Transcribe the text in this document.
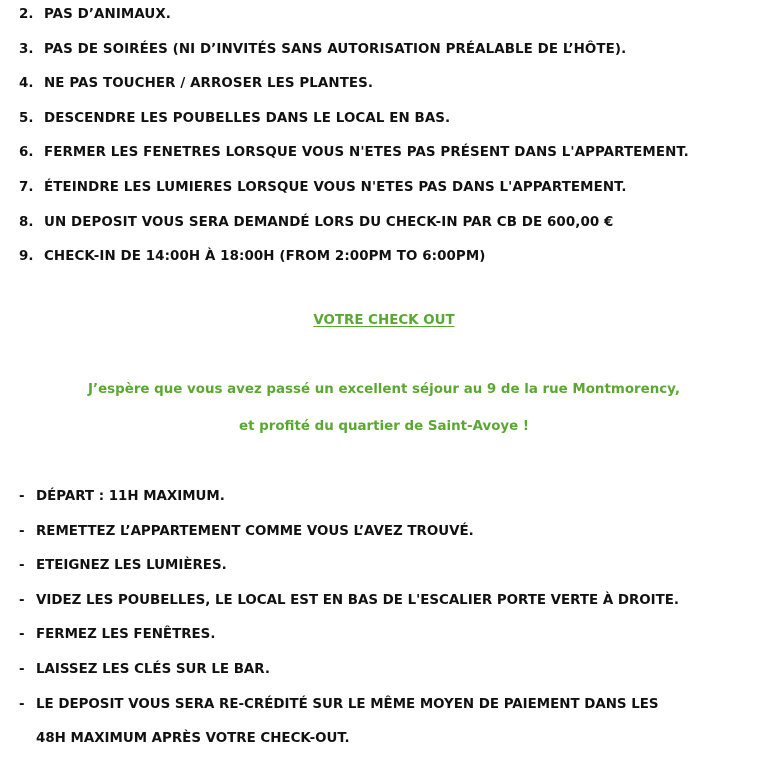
2. PAS D’ANIMAUX.
3. PAS DE SOIRÉES (NI D’INVITÉS SANS AUTORISATION PRÉALABLE DE L’HÔTE).
4. NE PAS TOUCHER / ARROSER LES PLANTES.
5. DESCENDRE LES POUBELLES DANS LE LOCAL EN BAS.
6. FERMER LES FENETRES LORSQUE VOUS N'ETES PAS PRÉSENT DANS L'APPARTEMENT.
7. ÉTEINDRE LES LUMIERES LORSQUE VOUS N'ETES PAS DANS L'APPARTEMENT.
8. UN DEPOSIT VOUS SERA DEMANDÉ LORS DU CHECK-IN PAR CB DE 600,00 €
9. CHECK-IN DE 14:00H À 18:00H (FROM 2:00PM TO 6:00PM)
VOTRE CHECK OUT
J’espère que vous avez passé un excellent séjour au 9 de la rue Montmorency,
et profité du quartier de Saint-Avoye !
- DÉPART : 11H MAXIMUM.
- REMETTEZ L’APPARTEMENT COMME VOUS L’AVEZ TROUVÉ.
- ETEIGNEZ LES LUMIÈRES.
- VIDEZ LES POUBELLES, LE LOCAL EST EN BAS DE L'ESCALIER PORTE VERTE À DROITE.
- FERMEZ LES FENÊTRES.
- LAISSEZ LES CLÉS SUR LE BAR.
- LE DEPOSIT VOUS SERA RE-CRÉDITÉ SUR LE MÊME MOYEN DE PAIEMENT DANS LES
48H MAXIMUM APRÈS VOTRE CHECK-OUT.
